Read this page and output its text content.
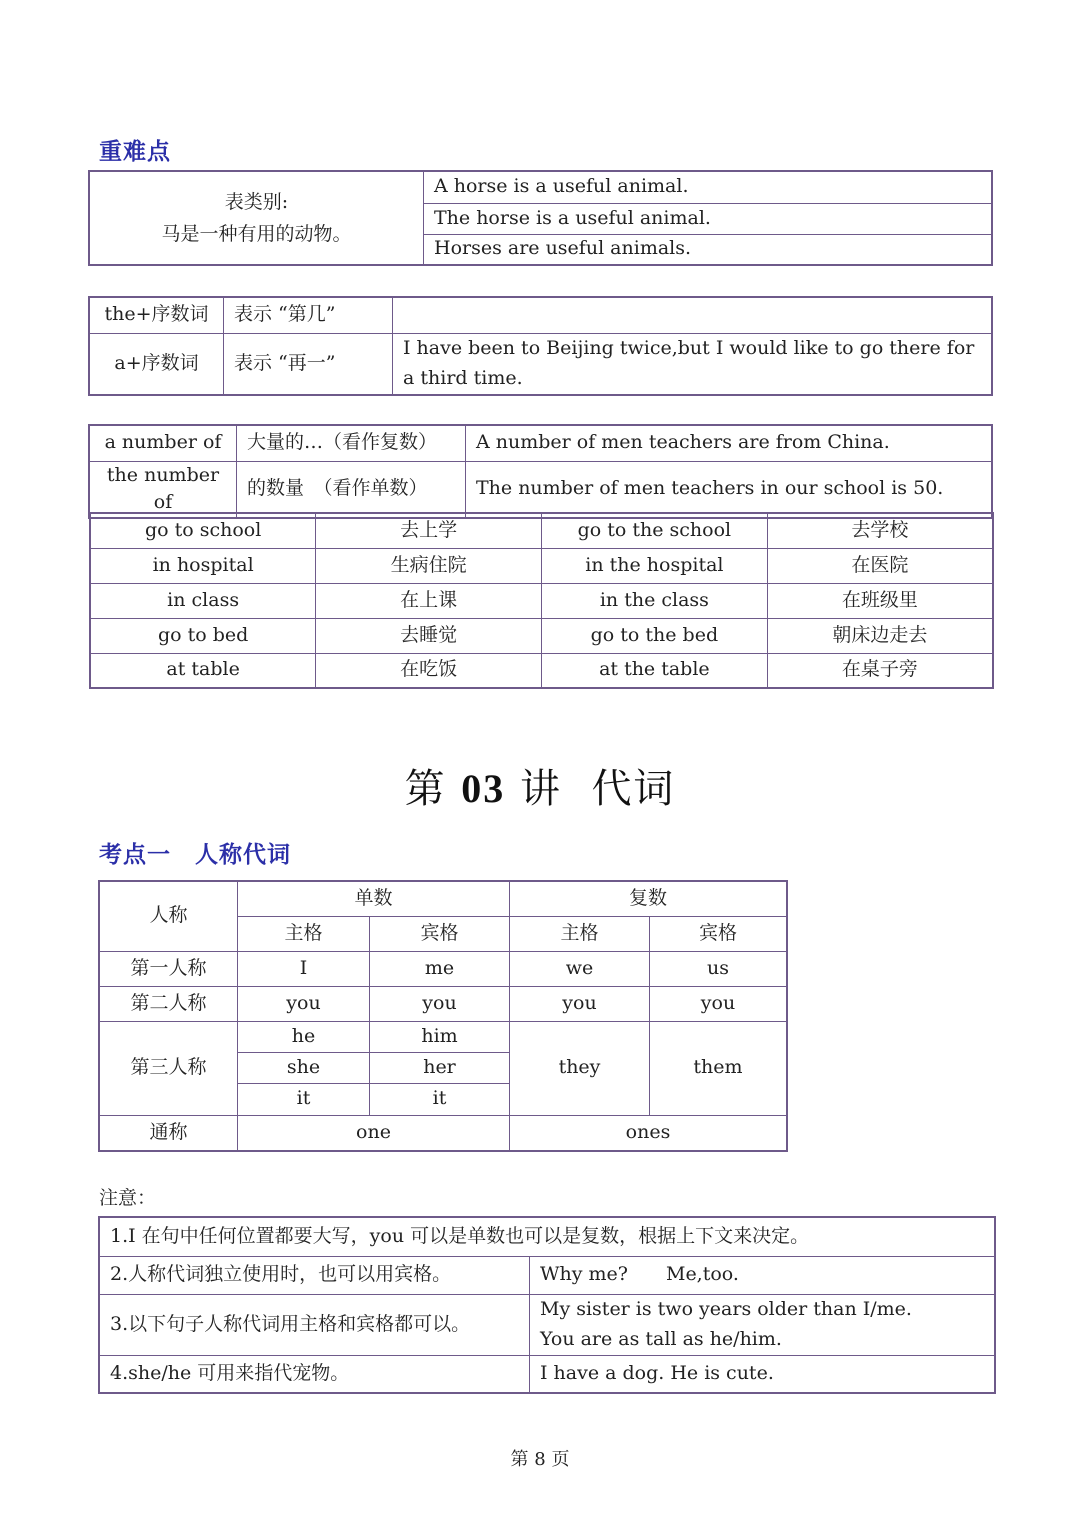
重难点
表类别:
马是一种有用的动物。
	A horse is a useful animal.
The horse is a useful animal.
Horses are useful animals.
the+序数词	表示 “第几”	
a+序数词	表示 “再一”	I have been to Beijing twice,but I would like to go there for a third time.
a number of	大量的…（看作复数）	A number of men teachers are from China.
the number of	的数量　（看作单数）	The number of men teachers in our school is 50.
go to school	去上学	go to the school	去学校
in hospital	生病住院	in the hospital	在医院
in class	在上课	in the class	在班级里
go to bed	去睡觉	go to the bed	朝床边走去
at table	在吃饭	at the table	在桌子旁
第 03 讲 代词
考点一　人称代词
人称	单数		复数	
	主格	宾格	主格	宾格
第一人称	I	me	we	us
第二人称	you	you	you	you
第三人称	he	him	they	them
	she	her		
	it	it		
通称	one		ones	
注意：
1.I 在句中任何位置都要大写，you 可以是单数也可以是复数，根据上下文来决定。	
2.人称代词独立使用时，也可以用宾格。	Why me?　　Me,too.
3.以下句子人称代词用主格和宾格都可以。	My sister is two years older than I/me.
You are as tall as he/him.

4.she/he 可用来指代宠物。	I have a dog. He is cute.
第 8 页
